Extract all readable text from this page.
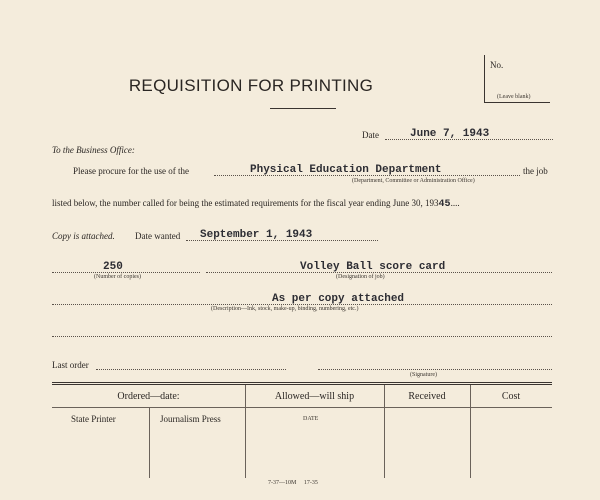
REQUISITION FOR PRINTING
No.
(Leave blank)
Date	June 7, 1943
To the Business Office:
Please procure for the use of the	Physical Education Department
(Department, Committee or Administration Office)
the job
listed below, the number called for being the estimated requirements for the fiscal year ending June 30, 19345....
Copy is attached. Date wanted September 1, 1943
250
(Number of copies)
Volley Ball score card
(Designation of job)
As per copy attached
(Description—Ink, stock, make-up, binding, numbering, etc.)
Last order
(Signature)
Ordered—date:	Allowed—will ship	Received	Cost
State Printer	Journalism Press	DATE
7-37—10M     17-35
